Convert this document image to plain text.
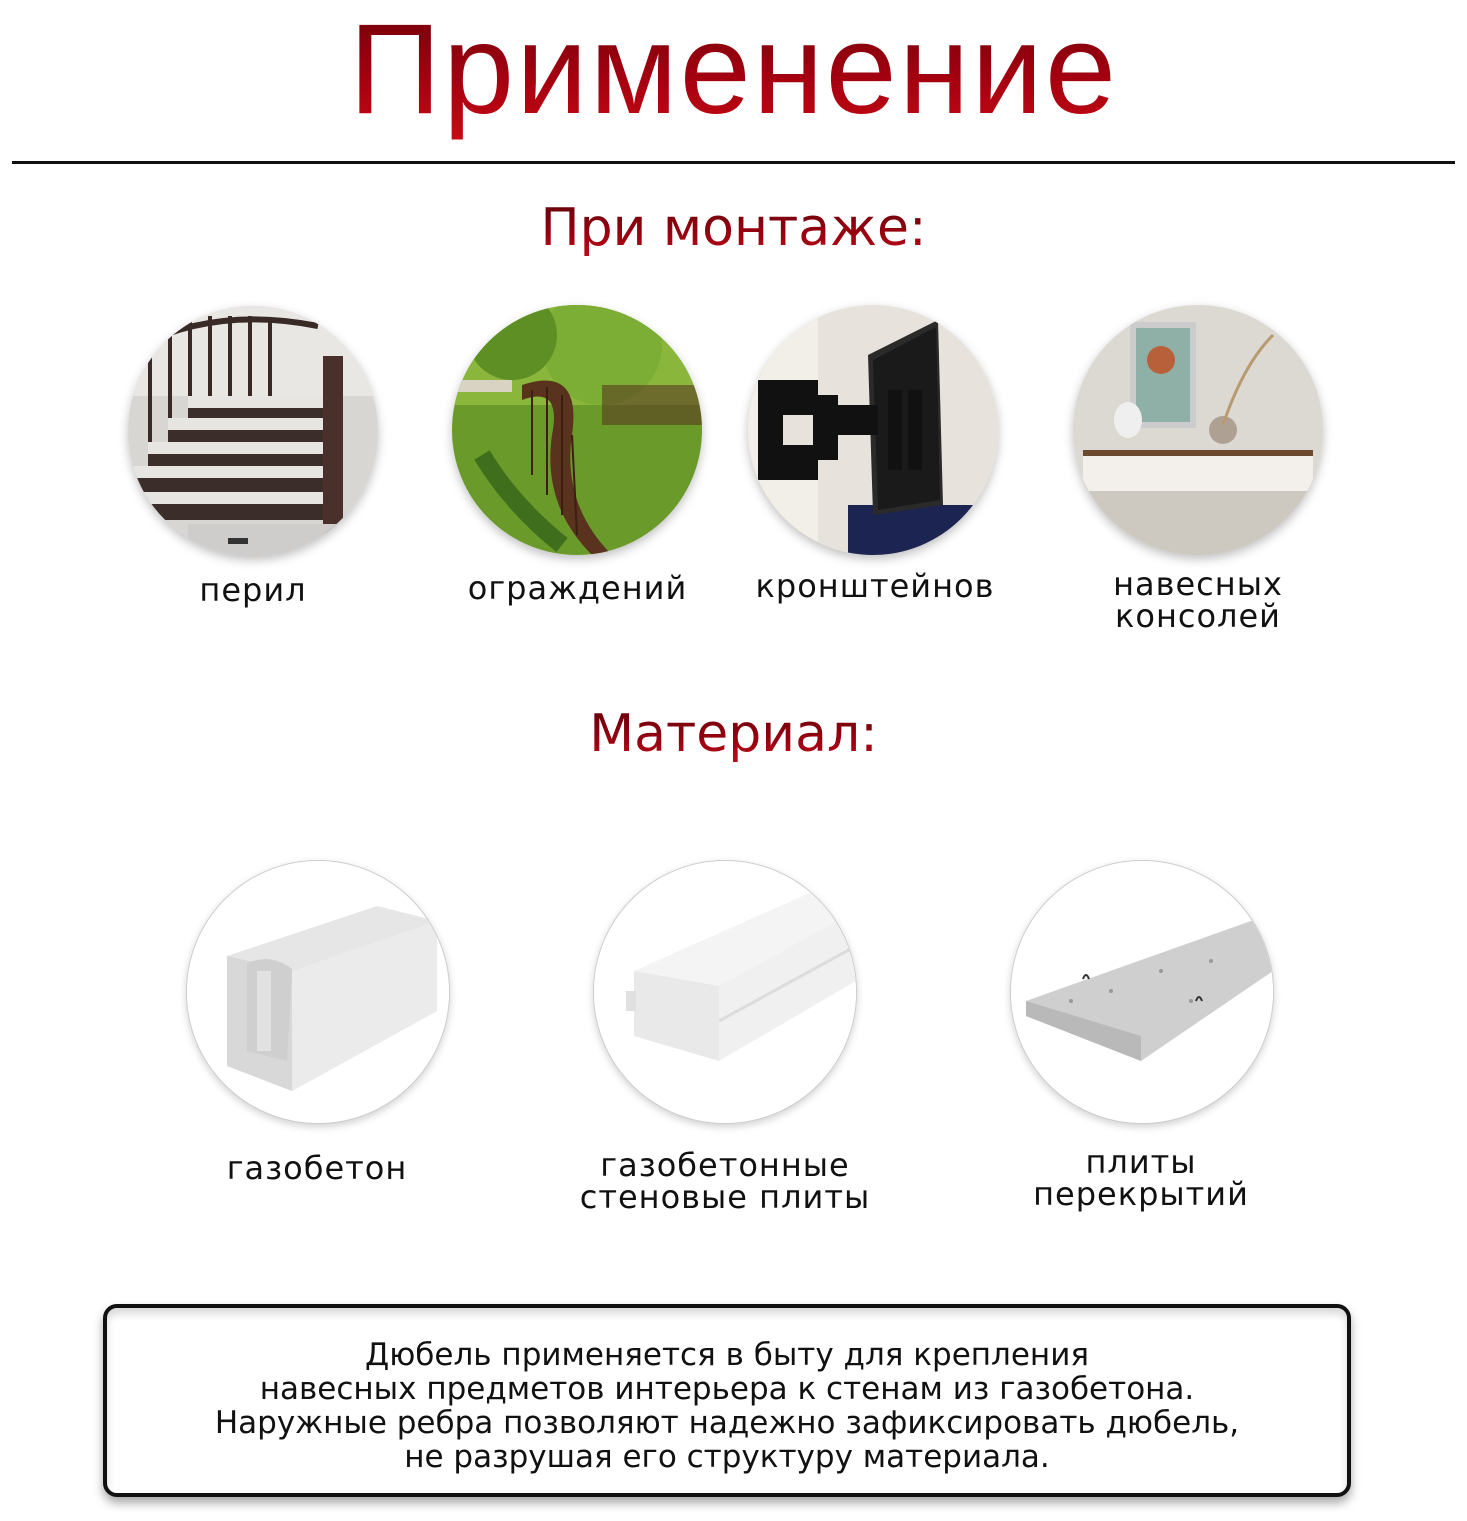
Применение
При монтаже:
перил	ограждений	кронштейнов	навесных
консолей
Материал:
газобетон	газобетонные
стеновые плиты
плиты
перекрытий
Дюбель применяется в быту для крепления
навесных предметов интерьера к стенам из газобетона.
Наружные ребра позволяют надежно зафиксировать дюбель,
не разрушая его структуру материала.
